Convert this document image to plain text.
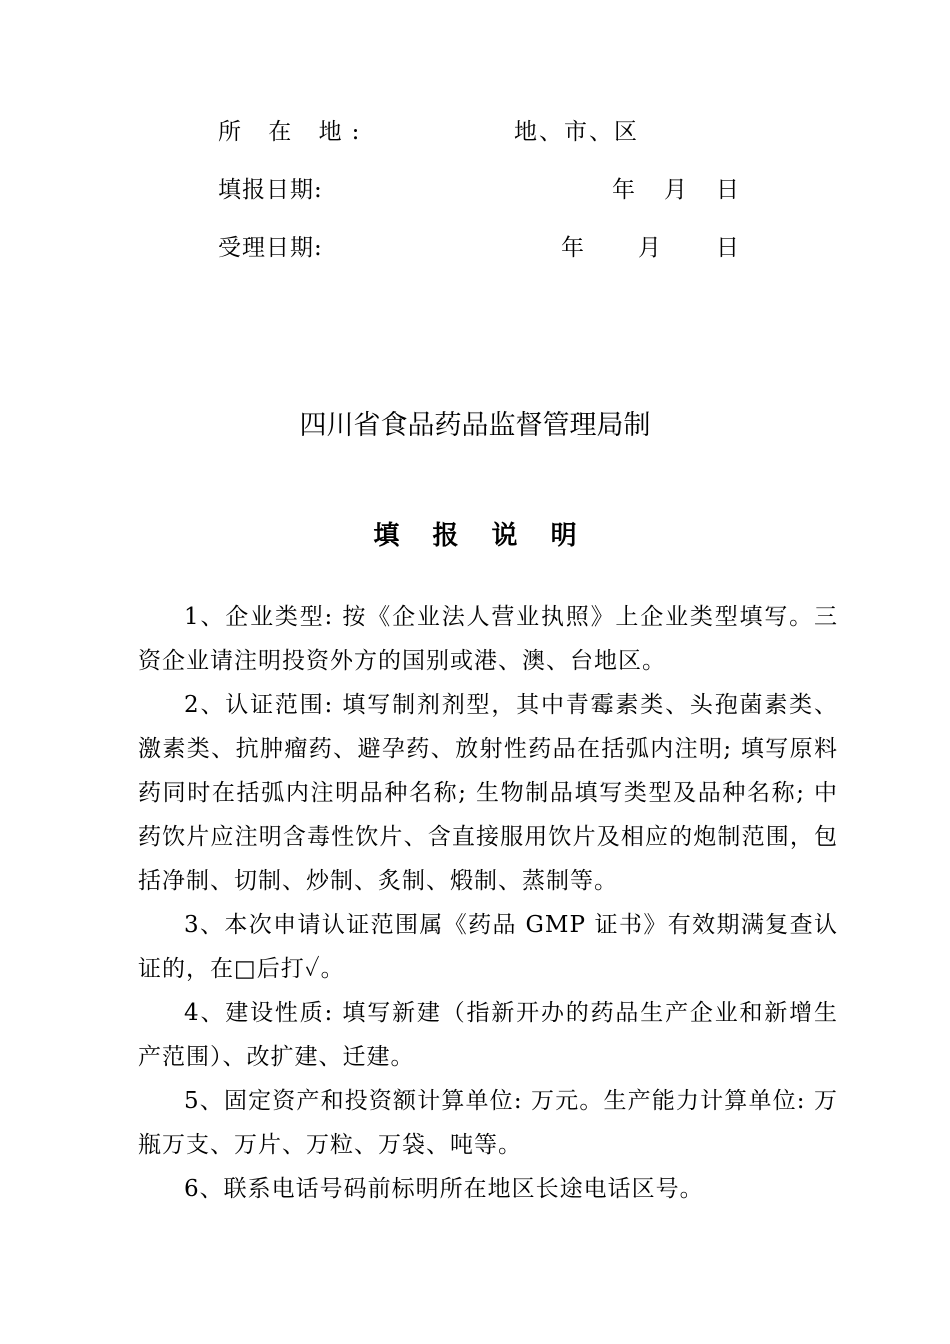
所 在 地:	地、市、区
填报日期:	年 月 日
受理日期:	年 月 日
四川省食品药品监督管理局制
填 报 说 明

1、企业类型: 按《企业法人营业执照》上企业类型填写。三资企业请注明投资外方的国别或港、澳、台地区。

2、认证范围: 填写制剂剂型，其中青霉素类、头孢菌素类、激素类、抗肿瘤药、避孕药、放射性药品在括弧内注明; 填写原料药同时在括弧内注明品种名称; 生物制品填写类型及品种名称; 中药饮片应注明含毒性饮片、含直接服用饮片及相应的炮制范围，包括净制、切制、炒制、炙制、煅制、蒸制等。

3、本次申请认证范围属《药品 GMP 证书》有效期满复查认证的，在□后打✓。

4、建设性质: 填写新建（指新开办的药品生产企业和新增生产范围）、改扩建、迁建。

5、固定资产和投资额计算单位: 万元。生产能力计算单位: 万瓶万支、万片、万粒、万袋、吨等。

6、联系电话号码前标明所在地区长途电话区号。
